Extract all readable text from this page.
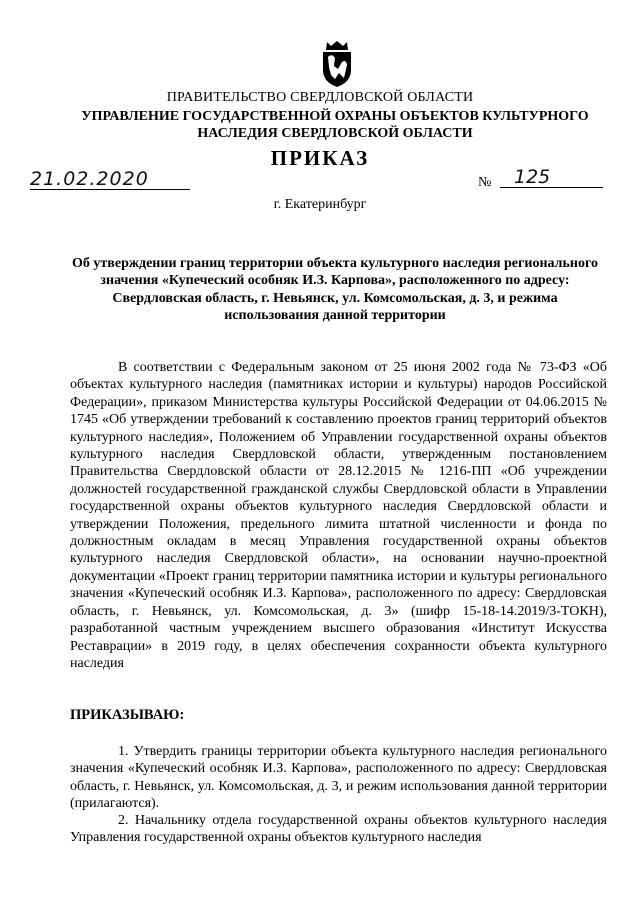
ПРАВИТЕЛЬСТВО СВЕРДЛОВСКОЙ ОБЛАСТИ
УПРАВЛЕНИЕ ГОСУДАРСТВЕННОЙ ОХРАНЫ ОБЪЕКТОВ КУЛЬТУРНОГО НАСЛЕДИЯ СВЕРДЛОВСКОЙ ОБЛАСТИ
ПРИКАЗ
21.02.2020	№	125
г. Екатеринбург
Об утверждении границ территории объекта культурного наследия регионального значения «Купеческий особняк И.З. Карпова», расположенного по адресу: Свердловская область, г. Невьянск, ул. Комсомольская, д. 3, и режима использования данной территории

В соответствии с Федеральным законом от 25 июня 2002 года № 73-ФЗ «Об объектах культурного наследия (памятниках истории и культуры) народов Российской Федерации», приказом Министерства культуры Российской Федерации от 04.06.2015 № 1745 «Об утверждении требований к составлению проектов границ территорий объектов культурного наследия», Положением об Управлении государственной охраны объектов культурного наследия Свердловской области, утвержденным постановлением Правительства Свердловской области от 28.12.2015 № 1216-ПП «Об учреждении должностей государственной гражданской службы Свердловской области в Управлении государственной охраны объектов культурного наследия Свердловской области и утверждении Положения, предельного лимита штатной численности и фонда по должностным окладам в месяц Управления государственной охраны объектов культурного наследия Свердловской области», на основании научно-проектной документации «Проект границ территории памятника истории и культуры регионального значения «Купеческий особняк И.З. Карпова», расположенного по адресу: Свердловская область, г. Невьянск, ул. Комсомольская, д. 3» (шифр 15-18-14.2019/3-ТОКН), разработанной частным учреждением высшего образования «Институт Искусства Реставрации» в 2019 году, в целях обеспечения сохранности объекта культурного наследия

ПРИКАЗЫВАЮ:

1. Утвердить границы территории объекта культурного наследия регионального значения «Купеческий особняк И.З. Карпова», расположенного по адресу: Свердловская область, г. Невьянск, ул. Комсомольская, д. 3, и режим использования данной территории (прилагаются).

2. Начальнику отдела государственной охраны объектов культурного наследия Управления государственной охраны объектов культурного наследия
